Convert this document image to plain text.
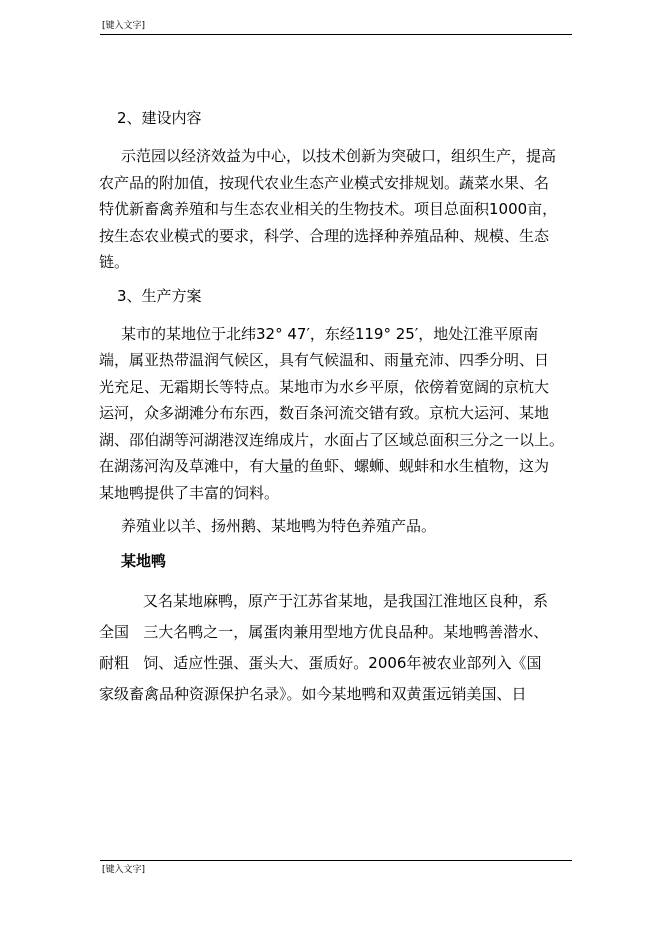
[键入文字]

2、建设内容

示范园以经济效益为中心，以技术创新为突破口，组织生产，提高
农产品的附加值，按现代农业生态产业模式安排规划。蔬菜水果、名
特优新畜禽养殖和与生态农业相关的生物技术。项目总面积1000亩，
按生态农业模式的要求，科学、合理的选择种养殖品种、规模、生态
链。

3、生产方案

某市的某地位于北纬32° 47′，东经119° 25′，地处江淮平原南
端，属亚热带温润气候区，具有气候温和、雨量充沛、四季分明、日
光充足、无霜期长等特点。某地市为水乡平原，依傍着宽阔的京杭大
运河，众多湖滩分布东西，数百条河流交错有致。京杭大运河、某地
湖、邵伯湖等河湖港汊连绵成片，水面占了区域总面积三分之一以上。
在湖荡河沟及草滩中，有大量的鱼虾、螺蛳、蚬蚌和水生植物，这为
某地鸭提供了丰富的饲料。

养殖业以羊、扬州鹅、某地鸭为特色养殖产品。

某地鸭

又名某地麻鸭，原产于江苏省某地，是我国江淮地区良种，系
全国   三大名鸭之一，属蛋肉兼用型地方优良品种。某地鸭善潜水、
耐粗   饲、适应性强、蛋头大、蛋质好。2006年被农业部列入《国
家级畜禽品种资源保护名录》。如今某地鸭和双黄蛋远销美国、日

[键入文字]
